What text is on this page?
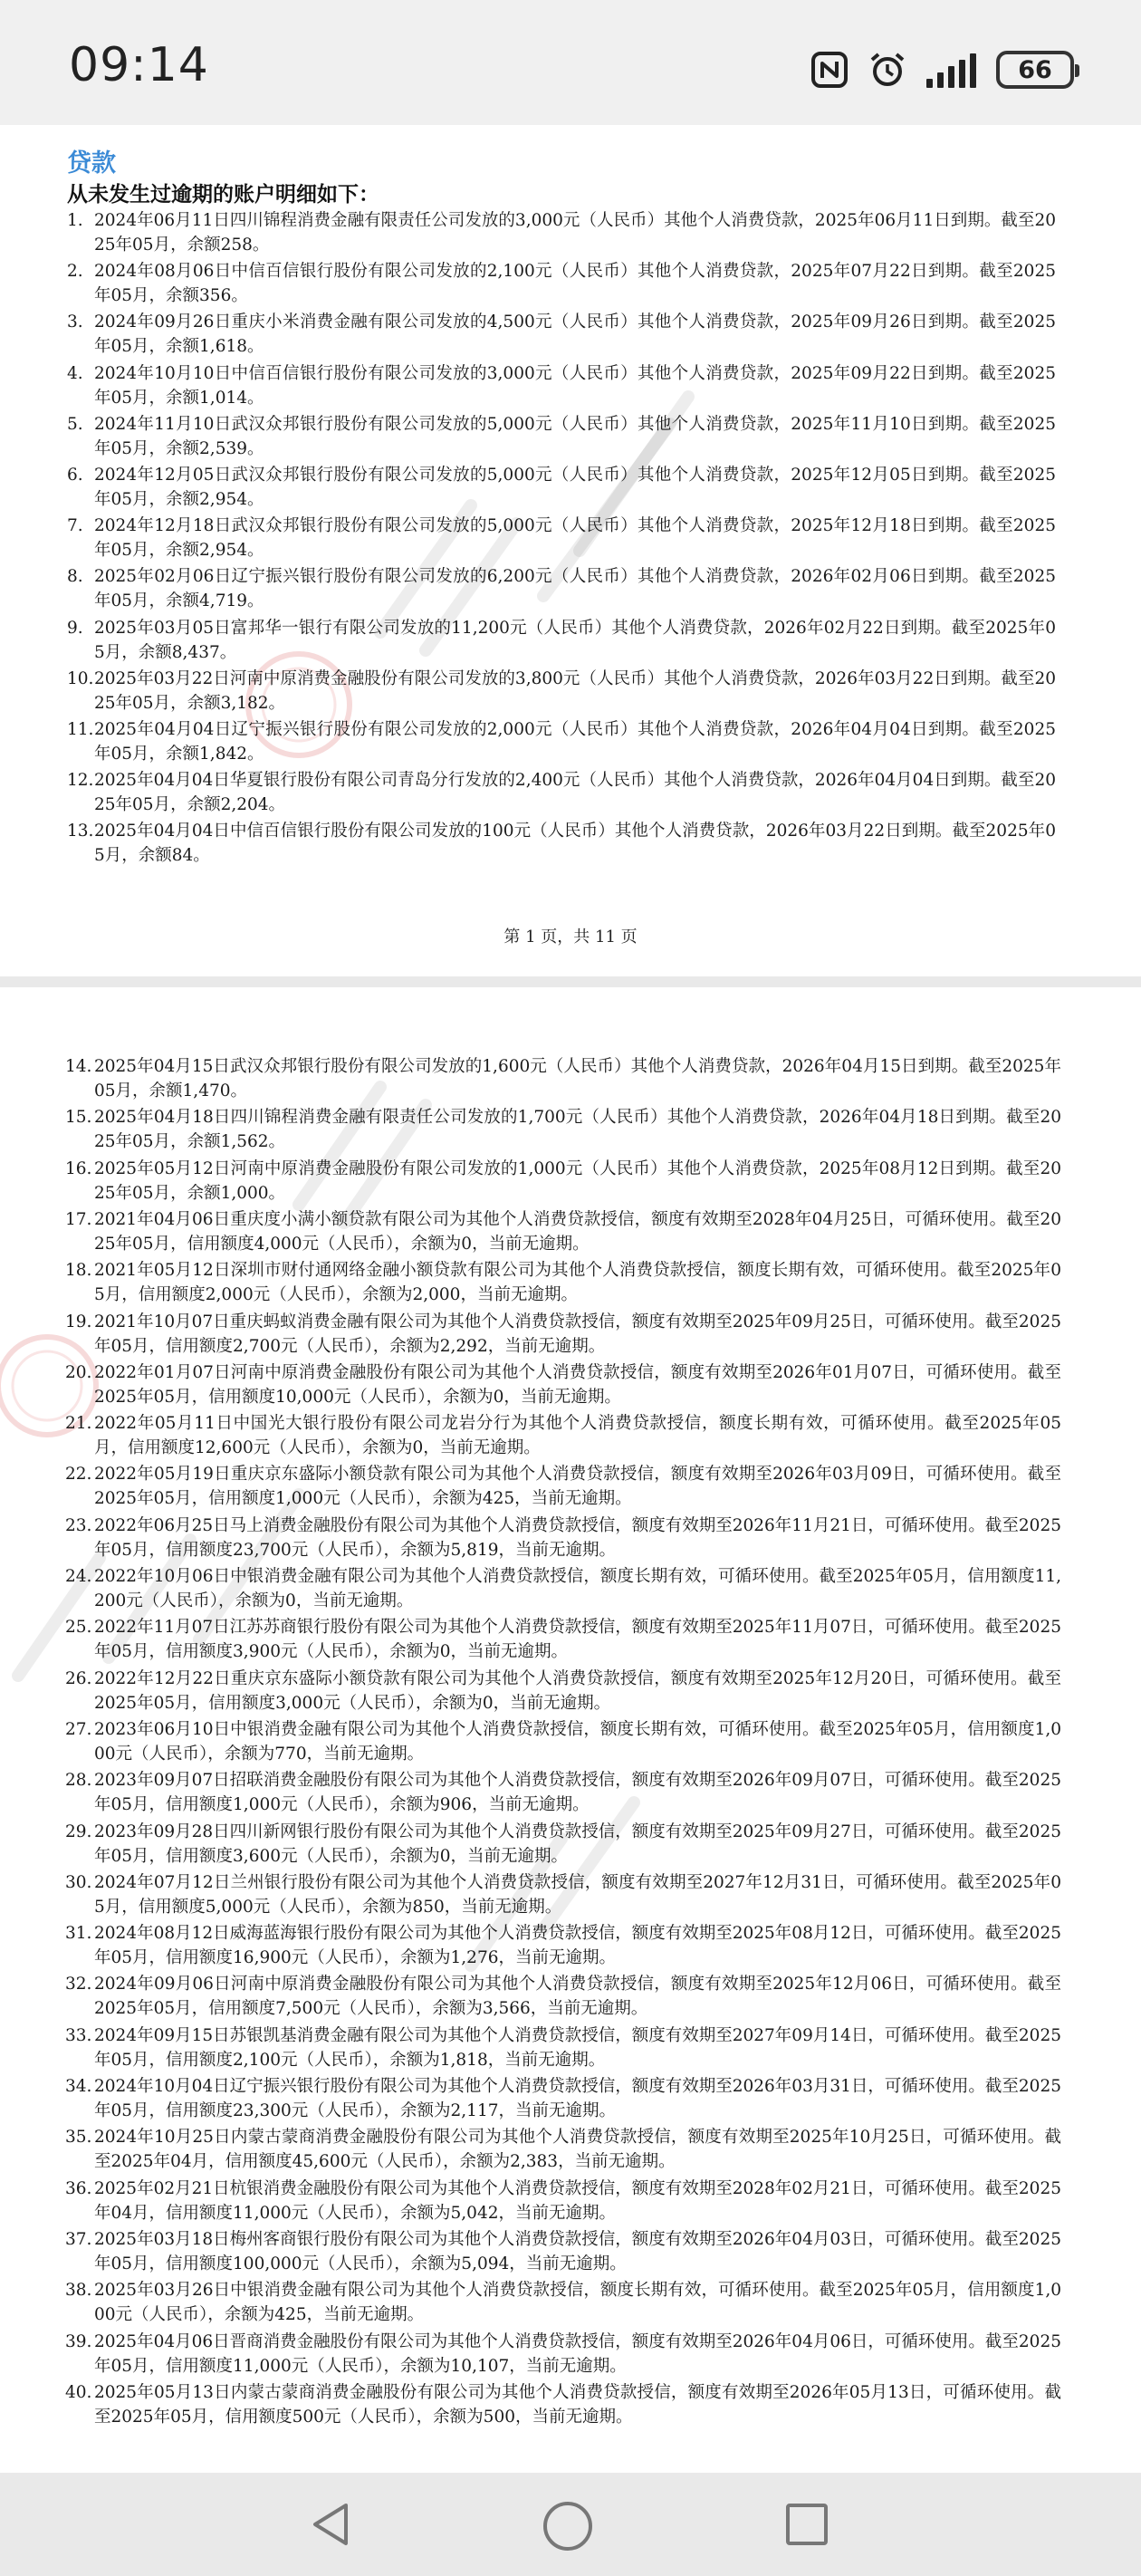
09:14	66
贷款
从未发生过逾期的账户明细如下：
1. 2024年06月11日四川锦程消费金融有限责任公司发放的3,000元（人民币）其他个人消费贷款，2025年06月11日到期。截至2025年05月，余额258。
2. 2024年08月06日中信百信银行股份有限公司发放的2,100元（人民币）其他个人消费贷款，2025年07月22日到期。截至2025年05月，余额356。
3. 2024年09月26日重庆小米消费金融有限公司发放的4,500元（人民币）其他个人消费贷款，2025年09月26日到期。截至2025年05月，余额1,618。
4. 2024年10月10日中信百信银行股份有限公司发放的3,000元（人民币）其他个人消费贷款，2025年09月22日到期。截至2025年05月，余额1,014。
5. 2024年11月10日武汉众邦银行股份有限公司发放的5,000元（人民币）其他个人消费贷款，2025年11月10日到期。截至2025年05月，余额2,539。
6. 2024年12月05日武汉众邦银行股份有限公司发放的5,000元（人民币）其他个人消费贷款，2025年12月05日到期。截至2025年05月，余额2,954。
7. 2024年12月18日武汉众邦银行股份有限公司发放的5,000元（人民币）其他个人消费贷款，2025年12月18日到期。截至2025年05月，余额2,954。
8. 2025年02月06日辽宁振兴银行股份有限公司发放的6,200元（人民币）其他个人消费贷款，2026年02月06日到期。截至2025年05月，余额4,719。
9. 2025年03月05日富邦华一银行有限公司发放的11,200元（人民币）其他个人消费贷款，2026年02月22日到期。截至2025年05月，余额8,437。
10. 2025年03月22日河南中原消费金融股份有限公司发放的3,800元（人民币）其他个人消费贷款，2026年03月22日到期。截至2025年05月，余额3,182。
11. 2025年04月04日辽宁振兴银行股份有限公司发放的2,000元（人民币）其他个人消费贷款，2026年04月04日到期。截至2025年05月，余额1,842。
12. 2025年04月04日华夏银行股份有限公司青岛分行发放的2,400元（人民币）其他个人消费贷款，2026年04月04日到期。截至2025年05月，余额2,204。
13. 2025年04月04日中信百信银行股份有限公司发放的100元（人民币）其他个人消费贷款，2026年03月22日到期。截至2025年05月，余额84。
第 1 页，共 11 页
14. 2025年04月15日武汉众邦银行股份有限公司发放的1,600元（人民币）其他个人消费贷款，2026年04月15日到期。截至2025年05月，余额1,470。
15. 2025年04月18日四川锦程消费金融有限责任公司发放的1,700元（人民币）其他个人消费贷款，2026年04月18日到期。截至2025年05月，余额1,562。
16. 2025年05月12日河南中原消费金融股份有限公司发放的1,000元（人民币）其他个人消费贷款，2025年08月12日到期。截至2025年05月，余额1,000。
17. 2021年04月06日重庆度小满小额贷款有限公司为其他个人消费贷款授信，额度有效期至2028年04月25日，可循环使用。截至2025年05月，信用额度4,000元（人民币），余额为0，当前无逾期。
18. 2021年05月12日深圳市财付通网络金融小额贷款有限公司为其他个人消费贷款授信，额度长期有效，可循环使用。截至2025年05月，信用额度2,000元（人民币），余额为2,000，当前无逾期。
19. 2021年10月07日重庆蚂蚁消费金融有限公司为其他个人消费贷款授信，额度有效期至2025年09月25日，可循环使用。截至2025年05月，信用额度2,700元（人民币），余额为2,292，当前无逾期。
20. 2022年01月07日河南中原消费金融股份有限公司为其他个人消费贷款授信，额度有效期至2026年01月07日，可循环使用。截至2025年05月，信用额度10,000元（人民币），余额为0，当前无逾期。
21. 2022年05月11日中国光大银行股份有限公司龙岩分行为其他个人消费贷款授信，额度长期有效，可循环使用。截至2025年05月，信用额度12,600元（人民币），余额为0，当前无逾期。
22. 2022年05月19日重庆京东盛际小额贷款有限公司为其他个人消费贷款授信，额度有效期至2026年03月09日，可循环使用。截至2025年05月，信用额度1,000元（人民币），余额为425，当前无逾期。
23. 2022年06月25日马上消费金融股份有限公司为其他个人消费贷款授信，额度有效期至2026年11月21日，可循环使用。截至2025年05月，信用额度23,700元（人民币），余额为5,819，当前无逾期。
24. 2022年10月06日中银消费金融有限公司为其他个人消费贷款授信，额度长期有效，可循环使用。截至2025年05月，信用额度11,200元（人民币），余额为0，当前无逾期。
25. 2022年11月07日江苏苏商银行股份有限公司为其他个人消费贷款授信，额度有效期至2025年11月07日，可循环使用。截至2025年05月，信用额度3,900元（人民币），余额为0，当前无逾期。
26. 2022年12月22日重庆京东盛际小额贷款有限公司为其他个人消费贷款授信，额度有效期至2025年12月20日，可循环使用。截至2025年05月，信用额度3,000元（人民币），余额为0，当前无逾期。
27. 2023年06月10日中银消费金融有限公司为其他个人消费贷款授信，额度长期有效，可循环使用。截至2025年05月，信用额度1,000元（人民币），余额为770，当前无逾期。
28. 2023年09月07日招联消费金融股份有限公司为其他个人消费贷款授信，额度有效期至2026年09月07日，可循环使用。截至2025年05月，信用额度1,000元（人民币），余额为906，当前无逾期。
29. 2023年09月28日四川新网银行股份有限公司为其他个人消费贷款授信，额度有效期至2025年09月27日，可循环使用。截至2025年05月，信用额度3,600元（人民币），余额为0，当前无逾期。
30. 2024年07月12日兰州银行股份有限公司为其他个人消费贷款授信，额度有效期至2027年12月31日，可循环使用。截至2025年05月，信用额度5,000元（人民币），余额为850，当前无逾期。
31. 2024年08月12日威海蓝海银行股份有限公司为其他个人消费贷款授信，额度有效期至2025年08月12日，可循环使用。截至2025年05月，信用额度16,900元（人民币），余额为1,276，当前无逾期。
32. 2024年09月06日河南中原消费金融股份有限公司为其他个人消费贷款授信，额度有效期至2025年12月06日，可循环使用。截至2025年05月，信用额度7,500元（人民币），余额为3,566，当前无逾期。
33. 2024年09月15日苏银凯基消费金融有限公司为其他个人消费贷款授信，额度有效期至2027年09月14日，可循环使用。截至2025年05月，信用额度2,100元（人民币），余额为1,818，当前无逾期。
34. 2024年10月04日辽宁振兴银行股份有限公司为其他个人消费贷款授信，额度有效期至2026年03月31日，可循环使用。截至2025年05月，信用额度23,300元（人民币），余额为2,117，当前无逾期。
35. 2024年10月25日内蒙古蒙商消费金融股份有限公司为其他个人消费贷款授信，额度有效期至2025年10月25日，可循环使用。截至2025年04月，信用额度45,600元（人民币），余额为2,383，当前无逾期。
36. 2025年02月21日杭银消费金融股份有限公司为其他个人消费贷款授信，额度有效期至2028年02月21日，可循环使用。截至2025年04月，信用额度11,000元（人民币），余额为5,042，当前无逾期。
37. 2025年03月18日梅州客商银行股份有限公司为其他个人消费贷款授信，额度有效期至2026年04月03日，可循环使用。截至2025年05月，信用额度100,000元（人民币），余额为5,094，当前无逾期。
38. 2025年03月26日中银消费金融有限公司为其他个人消费贷款授信，额度长期有效，可循环使用。截至2025年05月，信用额度1,000元（人民币），余额为425，当前无逾期。
39. 2025年04月06日晋商消费金融股份有限公司为其他个人消费贷款授信，额度有效期至2026年04月06日，可循环使用。截至2025年05月，信用额度11,000元（人民币），余额为10,107，当前无逾期。
40. 2025年05月13日内蒙古蒙商消费金融股份有限公司为其他个人消费贷款授信，额度有效期至2026年05月13日，可循环使用。截至2025年05月，信用额度500元（人民币），余额为500，当前无逾期。
